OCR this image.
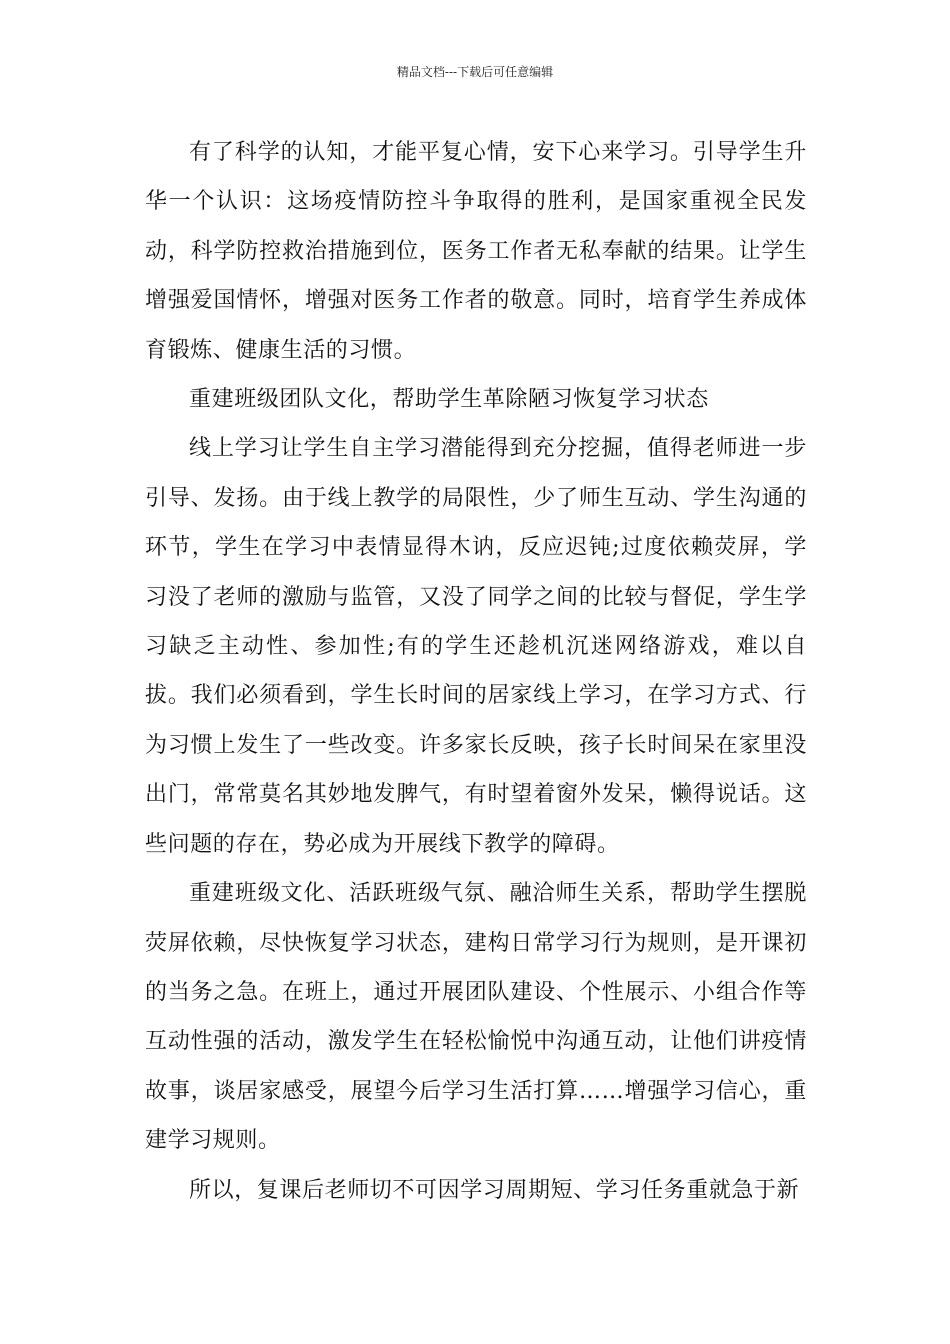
精品文档---下载后可任意编辑

有了科学的认知，才能平复心情，安下心来学习。引导学生升华一个认识：这场疫情防控斗争取得的胜利，是国家重视全民发动，科学防控救治措施到位，医务工作者无私奉献的结果。让学生增强爱国情怀，增强对医务工作者的敬意。同时，培育学生养成体育锻炼、健康生活的习惯。

重建班级团队文化，帮助学生革除陋习恢复学习状态

线上学习让学生自主学习潜能得到充分挖掘，值得老师进一步引导、发扬。由于线上教学的局限性，少了师生互动、学生沟通的环节，学生在学习中表情显得木讷，反应迟钝;过度依赖荧屏，学习没了老师的激励与监管，又没了同学之间的比较与督促，学生学习缺乏主动性、参加性;有的学生还趁机沉迷网络游戏，难以自拔。我们必须看到，学生长时间的居家线上学习，在学习方式、行为习惯上发生了一些改变。许多家长反映，孩子长时间呆在家里没出门，常常莫名其妙地发脾气，有时望着窗外发呆，懒得说话。这些问题的存在，势必成为开展线下教学的障碍。

重建班级文化、活跃班级气氛、融洽师生关系，帮助学生摆脱荧屏依赖，尽快恢复学习状态，建构日常学习行为规则，是开课初的当务之急。在班上，通过开展团队建设、个性展示、小组合作等互动性强的活动，激发学生在轻松愉悦中沟通互动，让他们讲疫情故事，谈居家感受，展望今后学习生活打算……增强学习信心，重建学习规则。

所以，复课后老师切不可因学习周期短、学习任务重就急于新
